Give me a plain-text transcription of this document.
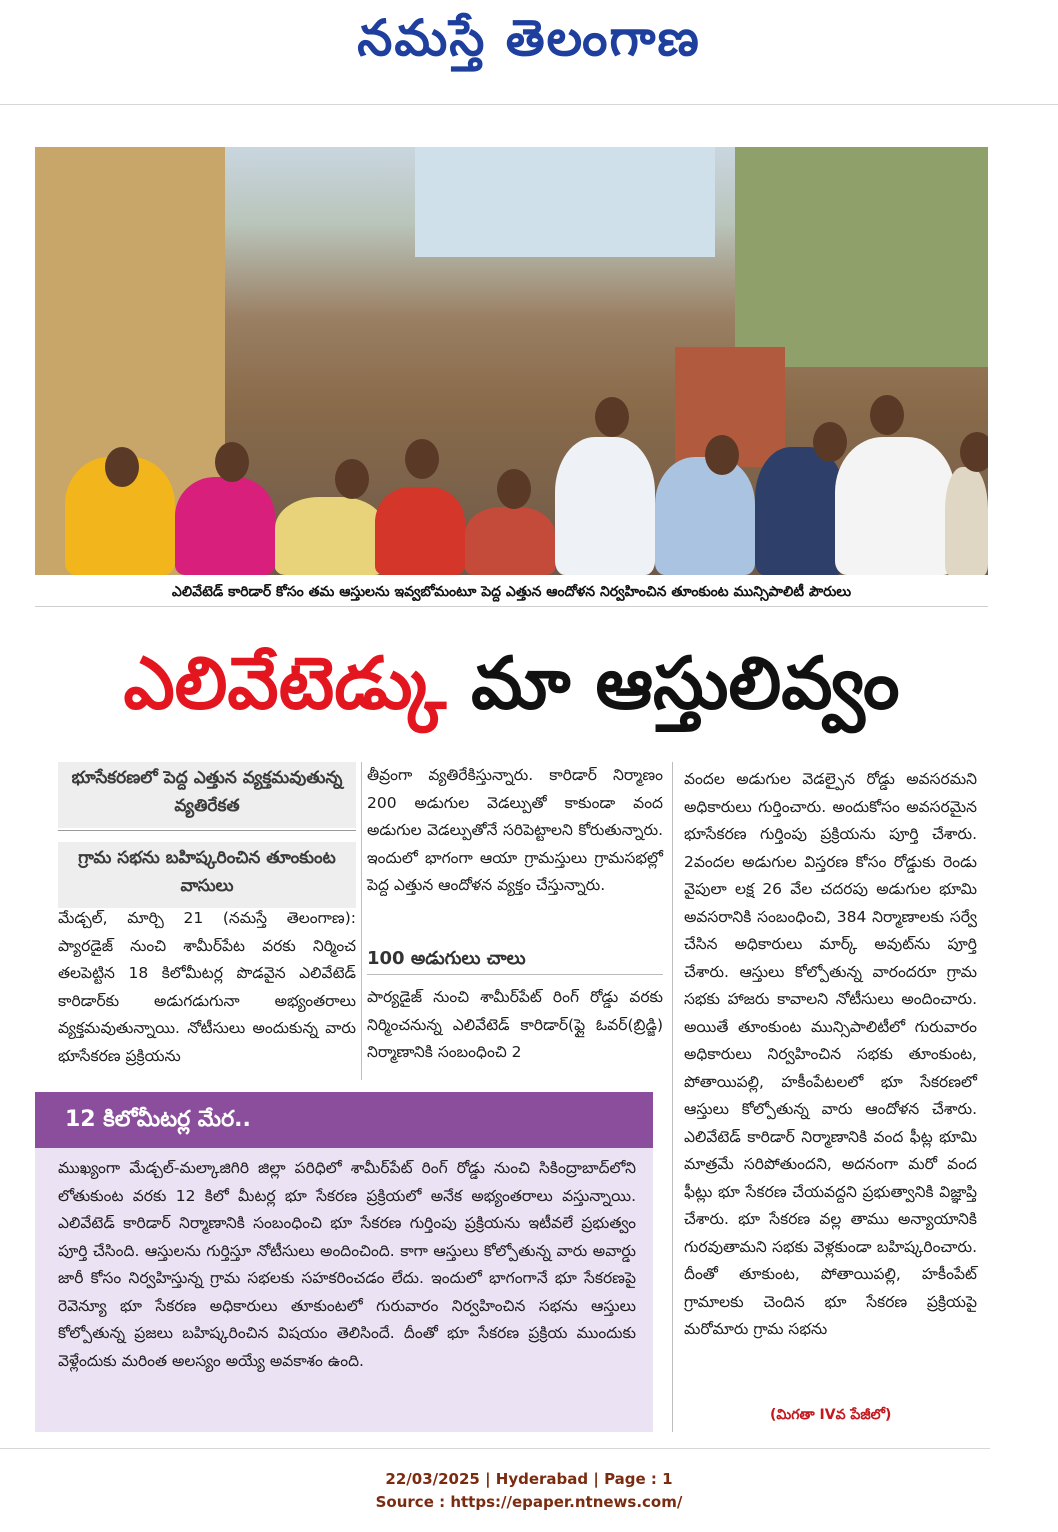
నమస్తే తెలంగాణ
ఎలివేటెడ్ కారిడార్ కోసం తమ ఆస్తులను ఇవ్వబోమంటూ పెద్ద ఎత్తున ఆందోళన నిర్వహించిన తూంకుంట మున్సిపాలిటీ పౌరులు
ఎలివేటెడ్కు మా ఆస్తులివ్వం
భూసేకరణలో పెద్ద ఎత్తున వ్యక్తమవుతున్న వ్యతిరేకత
గ్రామ సభను బహిష్కరించిన తూంకుంట వాసులు

మేడ్చల్, మార్చి 21 (నమస్తే తెలంగాణ): ప్యారడైజ్ నుంచి శామీర్‌పేట వరకు నిర్మించ తలపెట్టిన 18 కిలోమీటర్ల పొడవైన ఎలివేటెడ్ కారిడార్‌కు అడుగడుగునా అభ్యంతరాలు వ్యక్తమవుతున్నాయి. నోటీసులు అందుకున్న వారు భూసేకరణ ప్రక్రియను

తీవ్రంగా వ్యతిరేకిస్తున్నారు. కారిడార్ నిర్మాణం 200 అడుగుల వెడల్పుతో కాకుండా వంద అడుగుల వెడల్పుతోనే సరిపెట్టాలని కోరుతున్నారు. ఇందులో భాగంగా ఆయా గ్రామస్తులు గ్రామసభల్లో పెద్ద ఎత్తున ఆందోళన వ్యక్తం చేస్తున్నారు.

100 అడుగులు చాలు

పార్యడైజ్ నుంచి శామీర్‌పేట్ రింగ్ రోడ్డు వరకు నిర్మించనున్న ఎలివేటెడ్ కారిడార్(ఫ్లై ఓవర్(బ్రిడ్జి) నిర్మాణానికి సంబంధించి 2

వందల అడుగుల వెడల్పైన రోడ్డు అవసరమని అధికారులు గుర్తించారు. అందుకోసం అవసరమైన భూసేకరణ గుర్తింపు ప్రక్రియను పూర్తి చేశారు. 2వందల అడుగుల విస్తరణ కోసం రోడ్డుకు రెండు వైపులా లక్ష 26 వేల చదరపు అడుగుల భూమి అవసరానికి సంబంధించి, 384 నిర్మాణాలకు సర్వే చేసిన అధికారులు మార్క్ అవుట్‌ను పూర్తి చేశారు. ఆస్తులు కోల్పోతున్న వారందరూ గ్రామ సభకు హాజరు కావాలని నోటీసులు అందించారు. అయితే తూంకుంట మున్సిపాలిటీలో గురువారం అధికారులు నిర్వహించిన సభకు తూంకుంట, పోతాయిపల్లి, హకీంపేటలలో భూ సేకరణలో ఆస్తులు కోల్పోతున్న వారు ఆందోళన చేశారు. ఎలివేటెడ్ కారిడార్ నిర్మాణానికి వంద ఫీట్ల భూమి మాత్రమే సరిపోతుందని, అదనంగా మరో వంద ఫీట్లు భూ సేకరణ చేయవద్దని ప్రభుత్వానికి విజ్ఞాప్తి చేశారు. భూ సేకరణ వల్ల తాము అన్యాయానికి గురవుతామని సభకు వెళ్లకుండా బహిష్కరించారు. దీంతో తూకుంట, పోతాయిపల్లి, హకీంపేట్ గ్రామాలకు చెందిన భూ సేకరణ ప్రక్రియపై మరోమారు గ్రామ సభను

(మిగతా IVవ పేజీలో)
12 కిలోమీటర్ల మేర..
ముఖ్యంగా మేడ్చల్-మల్కాజిగిరి జిల్లా పరిధిలో శామీర్‌పేట్ రింగ్ రోడ్డు నుంచి సికింద్రాబాద్‌లోని లోతుకుంట వరకు 12 కిలో మీటర్ల భూ సేకరణ ప్రక్రియలో అనేక అభ్యంతరాలు వస్తున్నాయి. ఎలివేటెడ్ కారిడార్ నిర్మాణానికి సంబంధించి భూ సేకరణ గుర్తింపు ప్రక్రియను ఇటీవలే ప్రభుత్వం పూర్తి చేసింది. ఆస్తులను గుర్తిస్తూ నోటీసులు అందించింది. కాగా ఆస్తులు కోల్పోతున్న వారు అవార్డు జారీ కోసం నిర్వహిస్తున్న గ్రామ సభలకు సహకరించడం లేదు. ఇందులో భాగంగానే భూ సేకరణపై రెవెన్యూ భూ సేకరణ అధికారులు తూకుంటలో గురువారం నిర్వహించిన సభను ఆస్తులు కోల్పోతున్న ప్రజలు బహిష్కరించిన విషయం తెలిసిందే. దీంతో భూ సేకరణ ప్రక్రియ ముందుకు వెళ్లేందుకు మరింత అలస్యం అయ్యే అవకాశం ఉంది.
22/03/2025 | Hyderabad | Page : 1
Source : https://epaper.ntnews.com/
